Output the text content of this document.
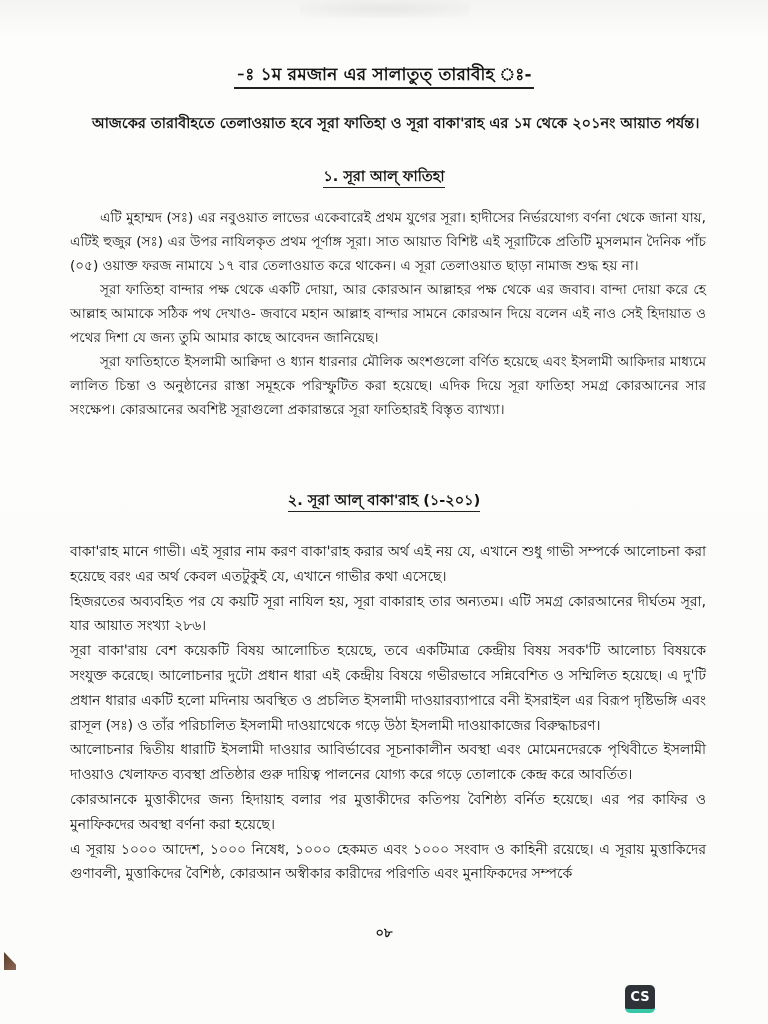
-ঃ ১ম রমজান এর সালাতুত্ তারাবীহ ঃ-
আজকের তারাবীহতে তেলাওয়াত হবে সূরা ফাতিহা ও সূরা বাকা'রাহ এর ১ম থেকে ২০১নং আয়াত পর্যন্ত।
১. সূরা আল্ ফাতিহা

এটি মুহাম্মদ (সঃ) এর নবুওয়াত লাভের একেবারেই প্রথম যুগের সূরা। হাদীসের নির্ভরযোগ্য বর্ণনা থেকে জানা যায়, এটিই হুজুর (সঃ) এর উপর নাযিলকৃত প্রথম পূর্ণাঙ্গ সূরা। সাত আয়াত বিশিষ্ট এই সূরাটিকে প্রতিটি মুসলমান দৈনিক পাঁচ (০৫) ওয়াক্ত ফরজ নামাযে ১৭ বার তেলাওয়াত করে থাকেন। এ সূরা তেলাওয়াত ছাড়া নামাজ শুদ্ধ হয় না।

সূরা ফাতিহা বান্দার পক্ষ থেকে একটি দোয়া, আর কোরআন আল্লাহর পক্ষ থেকে এর জবাব। বান্দা দোয়া করে হে আল্লাহ আমাকে সঠিক পথ দেখাও- জবাবে মহান আল্লাহ বান্দার সামনে কোরআন দিয়ে বলেন এই নাও সেই হিদায়াত ও পথের দিশা যে জন্য তুমি আমার কাছে আবেদন জানিয়েছ।

সূরা ফাতিহাতে ইসলামী আক্বিদা ও ধ্যান ধারনার মৌলিক অংশগুলো বর্ণিত হয়েছে এবং ইসলামী আকিদার মাধ্যমে লালিত চিন্তা ও অনুষ্ঠানের রাস্তা সমূহকে পরিস্ফুটিত করা হয়েছে। এদিক দিয়ে সূরা ফাতিহা সমগ্র কোরআনের সার সংক্ষেপ। কোরআনের অবশিষ্ট সূরাগুলো প্রকারান্তরে সূরা ফাতিহারই বিস্তৃত ব্যাখ্যা।

২. সূরা আল্ বাকা'রাহ (১-২০১)

বাকা'রাহ মানে গাভী। এই সূরার নাম করণ বাকা'রাহ করার অর্থ এই নয় যে, এখানে শুধু গাভী সম্পর্কে আলোচনা করা হয়েছে বরং এর অর্থ কেবল এতটুকুই যে, এখানে গাভীর কথা এসেছে।

হিজরতের অব্যবহিত পর যে কয়টি সূরা নাযিল হয়, সূরা বাকারাহ তার অন্যতম। এটি সমগ্র কোরআনের দীর্ঘতম সূরা, যার আয়াত সংখ্যা ২৮৬।

সূরা বাকা'রায় বেশ কয়েকটি বিষয় আলোচিত হয়েছে, তবে একটিমাত্র কেন্দ্রীয় বিষয় সবক'টি আলোচ্য বিষয়কে সংযুক্ত করেছে। আলোচনার দুটো প্রধান ধারা এই কেন্দ্রীয় বিষয়ে গভীরভাবে সন্নিবেশিত ও সম্মিলিত হয়েছে। এ দু'টি প্রধান ধারার একটি হলো মদিনায় অবস্থিত ও প্রচলিত ইসলামী দাওয়ারব্যাপারে বনী ইসরাইল এর বিরূপ দৃষ্টিভঙ্গি এবং রাসূল (সঃ) ও তাঁর পরিচালিত ইসলামী দাওয়াথেকে গড়ে উঠা ইসলামী দাওয়াকাজের বিরুদ্ধাচরণ।

আলোচনার দ্বিতীয় ধারাটি ইসলামী দাওয়ার আবির্ভাবের সূচনাকালীন অবস্থা এবং মোমেনদেরকে পৃথিবীতে ইসলামী দাওয়াও খেলাফত ব্যবস্থা প্রতিষ্ঠার গুরু দায়িত্ব পালনের যোগ্য করে গড়ে তোলাকে কেন্দ্র করে আবর্তিত।

কোরআনকে মুত্তাকীদের জন্য হিদায়াহ বলার পর মুত্তাকীদের কতিপয় বৈশিষ্ঠ্য বর্নিত হয়েছে। এর পর কাফির ও মুনাফিকদের অবস্থা বর্ণনা করা হয়েছে।

এ সূরায় ১০০০ আদেশ, ১০০০ নিষেধ, ১০০০ হেকমত এবং ১০০০ সংবাদ ও কাহিনী রয়েছে। এ সূরায় মুত্তাকিদের গুণাবলী, মুত্তাকিদের বৈশিষ্ঠ, কোরআন অস্বীকার কারীদের পরিণতি এবং মুনাফিকদের সম্পর্কে

০৮
CS
